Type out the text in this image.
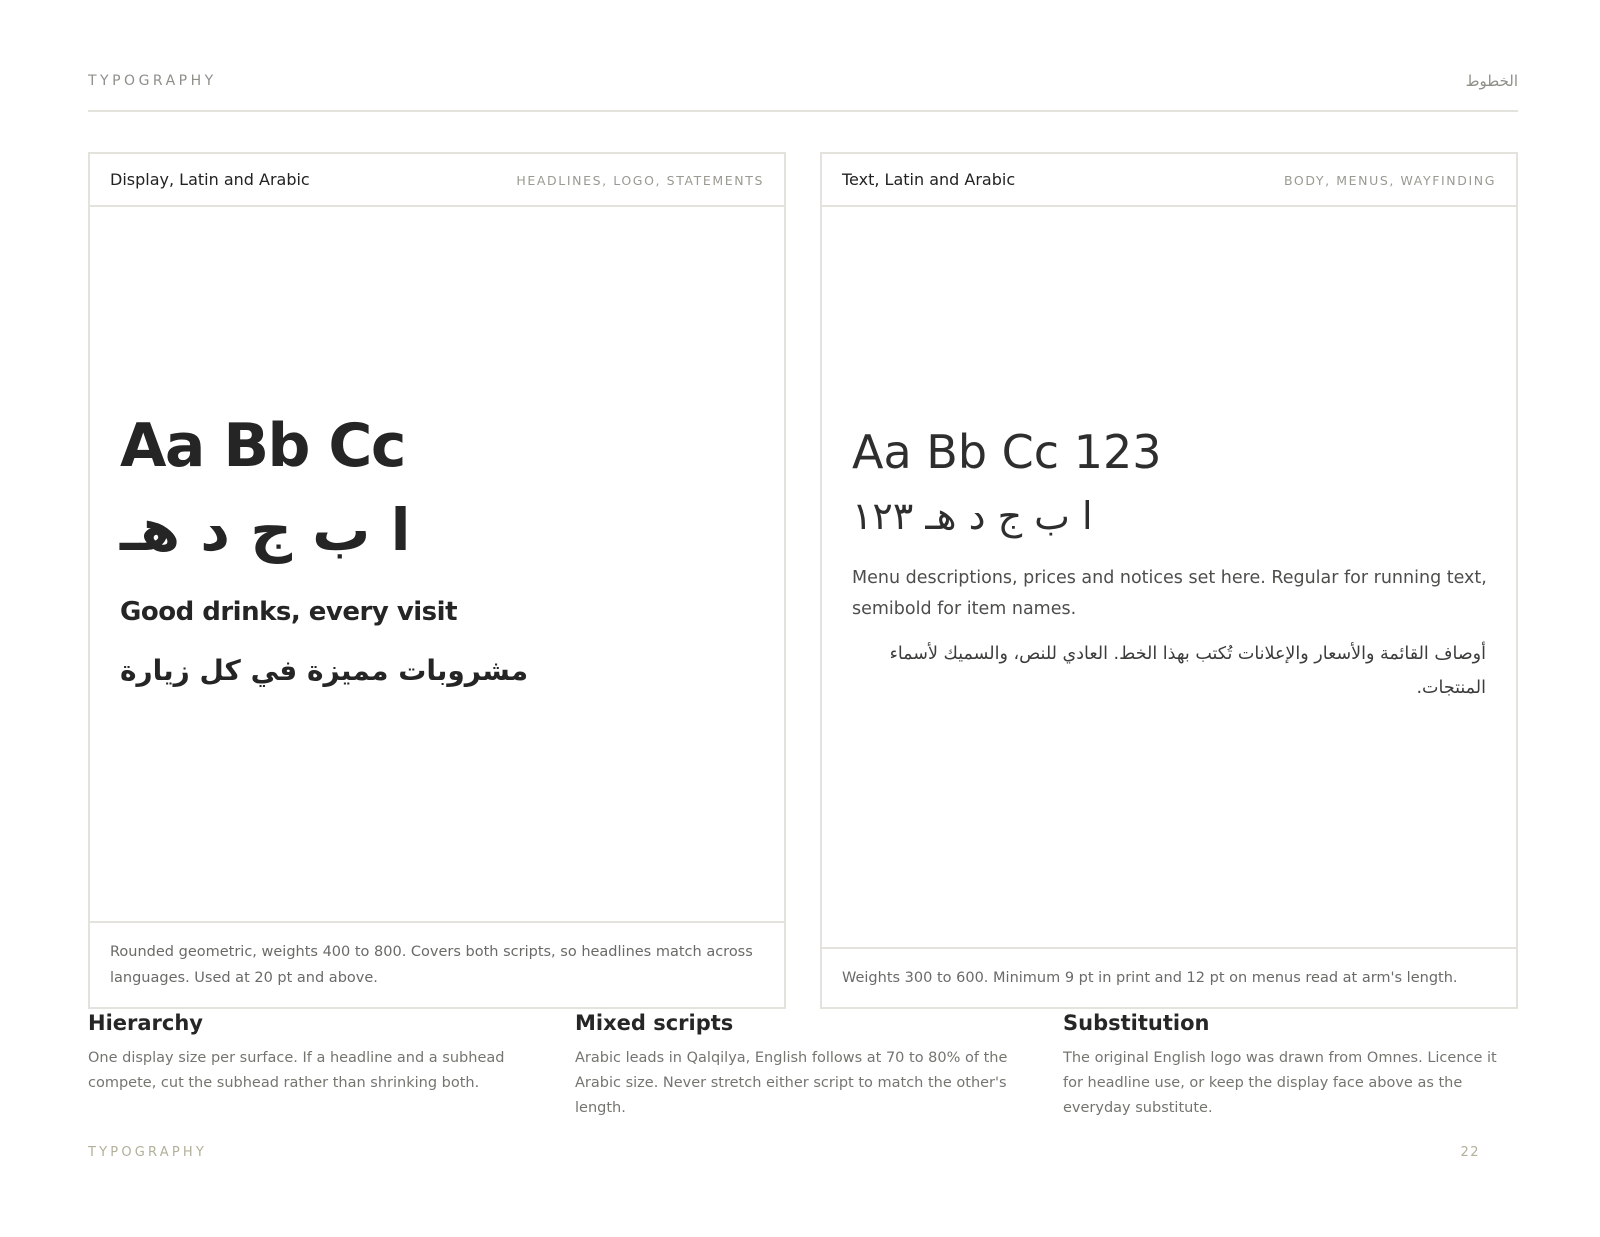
TYPOGRAPHY	الخطوط
Display, Latin and Arabic	HEADLINES, LOGO, STATEMENTS
Aa Bb Cc
ا ب ج د هـ
Good drinks, every visit
مشروبات مميزة في كل زيارة

Rounded geometric, weights 400 to 800. Covers both scripts, so headlines match across languages. Used at 20 pt and above.

Text, Latin and Arabic	BODY, MENUS, WAYFINDING
Aa Bb Cc 123
ا ب ج د هـ ١٢٣

Menu descriptions, prices and notices set here. Regular for running text, semibold for item names.

أوصاف القائمة والأسعار والإعلانات تُكتب بهذا الخط. العادي للنص، والسميك لأسماء المنتجات.

Weights 300 to 600. Minimum 9 pt in print and 12 pt on menus read at arm's length.

Hierarchy

One display size per surface. If a headline and a subhead compete, cut the subhead rather than shrinking both.

Mixed scripts

Arabic leads in Qalqilya, English follows at 70 to 80% of the Arabic size. Never stretch either script to match the other's length.

Substitution

The original English logo was drawn from Omnes. Licence it for headline use, or keep the display face above as the everyday substitute.

TYPOGRAPHY	22
